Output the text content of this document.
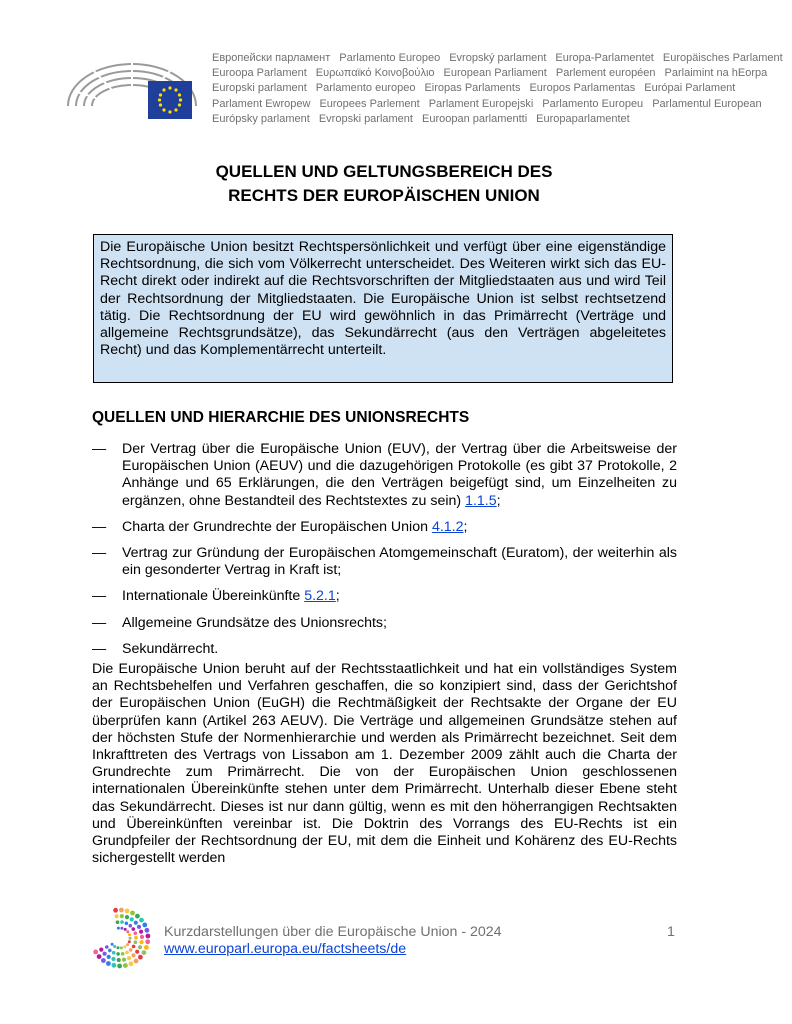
Европейски парламент Parlamento Europeo Evropský parlament Europa-Parlamentet Europäisches Parlament
Euroopa Parlament Ευρωπαϊκό Κοινοβούλιο European Parliament Parlement européen Parlaimint na hEorpa
Europski parlament Parlamento europeo Eiropas Parlaments Europos Parlamentas Európai Parlament
Parlament Ewropew Europees Parlement Parlament Europejski Parlamento Europeu Parlamentul European
Európsky parlament Evropski parlament Euroopan parlamentti Europaparlamentet
QUELLEN UND GELTUNGSBEREICH DES
RECHTS DER EUROPÄISCHEN UNION
Die Europäische Union besitzt Rechtspersönlichkeit und verfügt über eine eigenständige Rechtsordnung, die sich vom Völkerrecht unterscheidet. Des Weiteren wirkt sich das EU-Recht direkt oder indirekt auf die Rechtsvorschriften der Mitgliedstaaten aus und wird Teil der Rechtsordnung der Mitgliedstaaten. Die Europäische Union ist selbst rechtsetzend tätig. Die Rechtsordnung der EU wird gewöhnlich in das Primärrecht (Verträge und allgemeine Rechtsgrundsätze), das Sekundärrecht (aus den Verträgen abgeleitetes Recht) und das Komplementärrecht unterteilt.
QUELLEN UND HIERARCHIE DES UNIONSRECHTS
—	Der Vertrag über die Europäische Union (EUV), der Vertrag über die Arbeitsweise der Europäischen Union (AEUV) und die dazugehörigen Protokolle (es gibt 37 Protokolle, 2 Anhänge und 65 Erklärungen, die den Verträgen beigefügt sind, um Einzelheiten zu ergänzen, ohne Bestandteil des Rechtstextes zu sein) 1.1.5;
—	Charta der Grundrechte der Europäischen Union 4.1.2;
—	Vertrag zur Gründung der Europäischen Atomgemeinschaft (Euratom), der weiterhin als ein gesonderter Vertrag in Kraft ist;
—	Internationale Übereinkünfte 5.2.1;
—	Allgemeine Grundsätze des Unionsrechts;
—	Sekundärrecht.
Die Europäische Union beruht auf der Rechtsstaatlichkeit und hat ein vollständiges System an Rechtsbehelfen und Verfahren geschaffen, die so konzipiert sind, dass der Gerichtshof der Europäischen Union (EuGH) die Rechtmäßigkeit der Rechtsakte der Organe der EU überprüfen kann (Artikel 263 AEUV). Die Verträge und allgemeinen Grundsätze stehen auf der höchsten Stufe der Normenhierarchie und werden als Primärrecht bezeichnet. Seit dem Inkrafttreten des Vertrags von Lissabon am 1. Dezember 2009 zählt auch die Charta der Grundrechte zum Primärrecht. Die von der Europäischen Union geschlossenen internationalen Übereinkünfte stehen unter dem Primärrecht. Unterhalb dieser Ebene steht das Sekundärrecht. Dieses ist nur dann gültig, wenn es mit den höherrangigen Rechtsakten und Übereinkünften vereinbar ist. Die Doktrin des Vorrangs des EU-Rechts ist ein Grundpfeiler der Rechtsordnung der EU, mit dem die Einheit und Kohärenz des EU-Rechts sichergestellt werden
Kurzdarstellungen über die Europäische Union - 2024
www.europarl.europa.eu/factsheets/de
1
